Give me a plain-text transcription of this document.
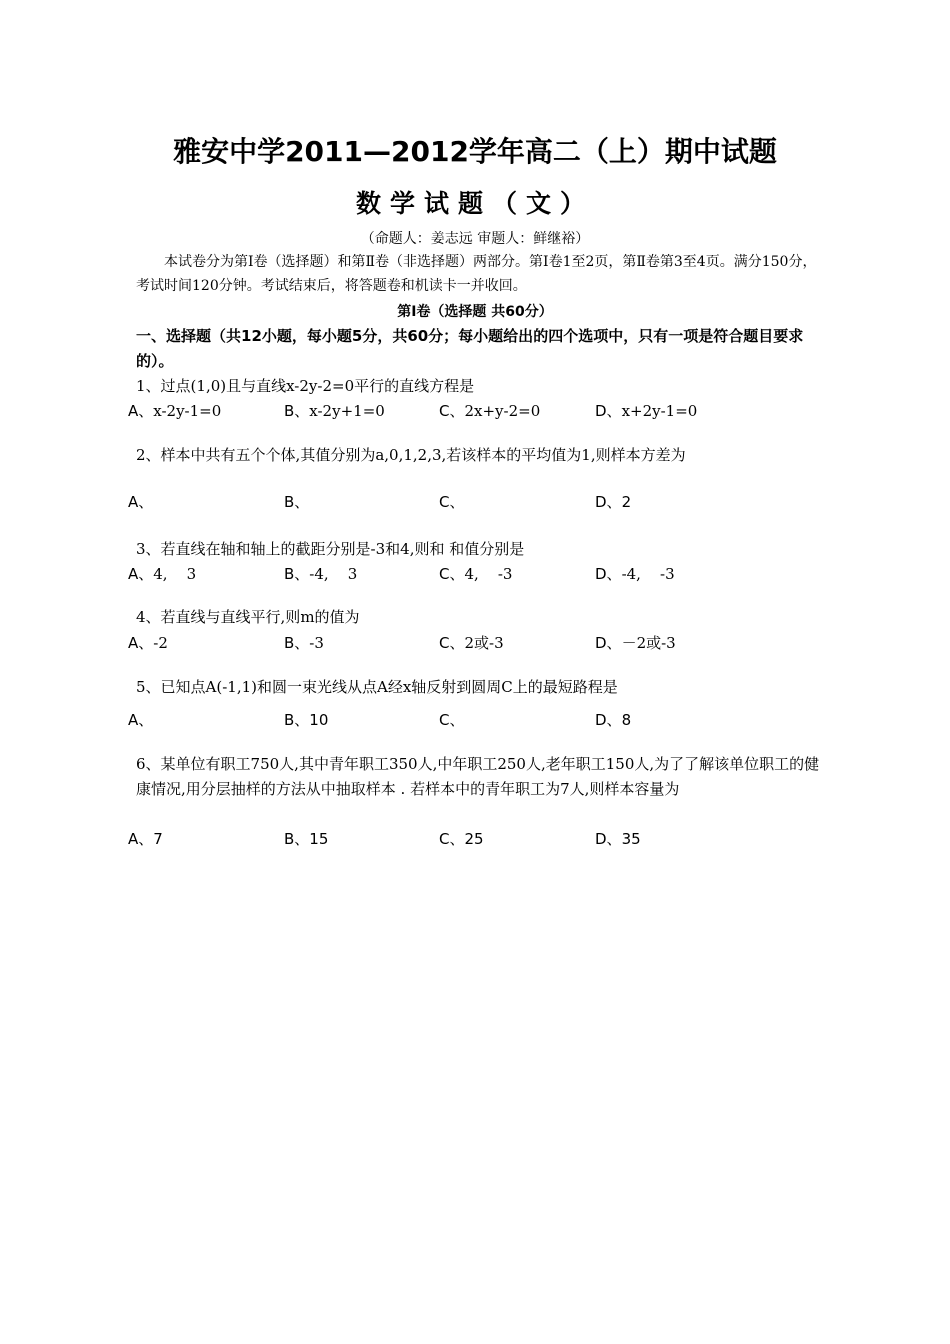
雅安中学2011—2012学年高二（上）期中试题
数学试题（文）
（命题人：姜志远 审题人：鲜继裕）
本试卷分为第Ⅰ卷（选择题）和第Ⅱ卷（非选择题）两部分。第Ⅰ卷1至2页，第Ⅱ卷第3至4页。满分150分，考试时间120分钟。考试结束后，将答题卷和机读卡一并收回。
第Ⅰ卷（选择题 共60分）
一、选择题（共12小题，每小题5分，共60分；每小题给出的四个选项中，只有一项是符合题目要求的）。
1、过点(1,0)且与直线x-2y-2=0平行的直线方程是
A、x-2y-1=0	B、x-2y+1=0	C、2x+y-2=0	D、x+2y-1=0
2、样本中共有五个个体,其值分别为a,0,1,2,3,若该样本的平均值为1,则样本方差为
A、	B、	C、	D、2
3、若直线在轴和轴上的截距分别是-3和4,则和 和值分别是
A、4,    3	B、-4,    3	C、4,    -3	D、-4,    -3
4、若直线与直线平行,则m的值为
A、-2	B、-3	C、2或-3	D、－2或-3
5、已知点A(-1,1)和圆一束光线从点A经x轴反射到圆周C上的最短路程是
A、	B、10	C、	D、8
6、某单位有职工750人,其中青年职工350人,中年职工250人,老年职工150人,为了了解该单位职工的健康情况,用分层抽样的方法从中抽取样本 . 若样本中的青年职工为7人,则样本容量为
A、7	B、15	C、25	D、35
